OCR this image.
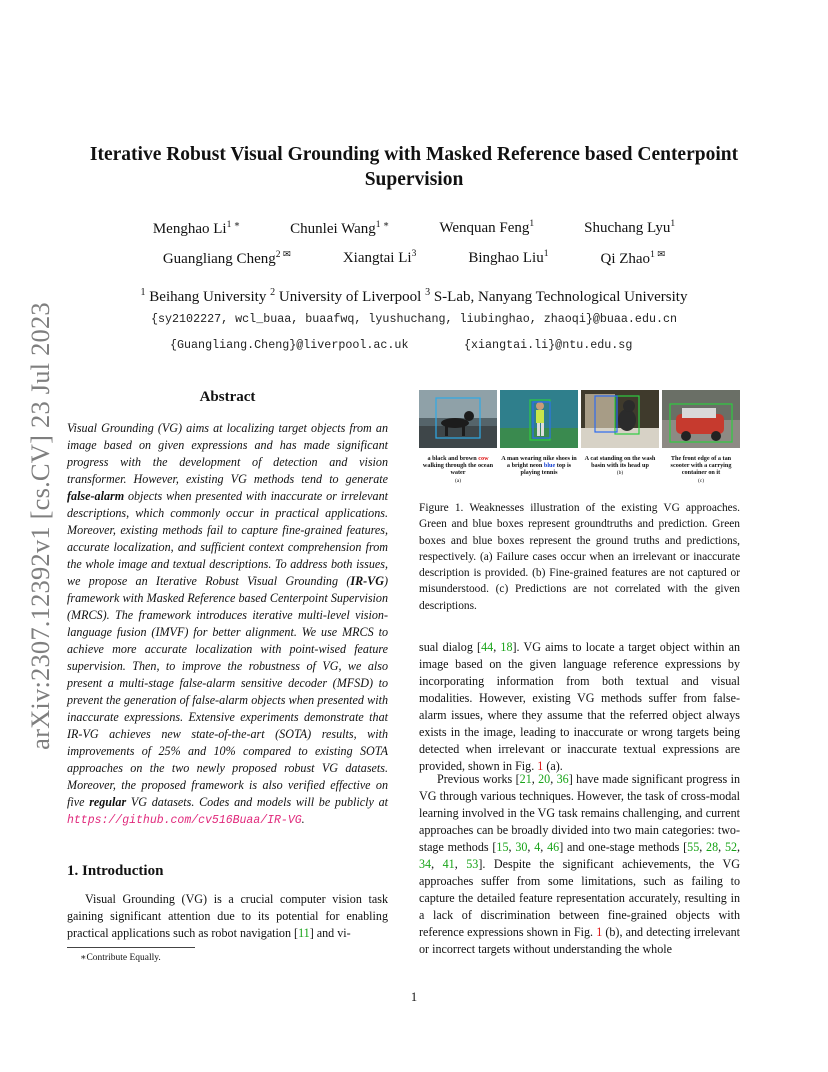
arXiv:2307.12392v1 [cs.CV] 23 Jul 2023
Iterative Robust Visual Grounding with Masked Reference based Centerpoint Supervision
Menghao $Li^{1 ∗}$	Chunlei Wang$^{1 ∗}$	Wenquan Feng$^1$	Shuchang Lyu$^1$
Guangliang Cheng$^{2 ✉}$	Xiangtai Li$^3$	Binghao Liu$^1$	Qi Zhao$^{1 ✉}$
$^1$ Beihang University $^2$ University of Liverpool $^3$ S-Lab, Nanyang Technological University
{sy2102227, wcl_buaa, buaafwq, lyushuchang, liubinghao, zhaoqi}@buaa.edu.cn
{Guangliang.Cheng}@liverpool.ac.uk	{xiangtai.li}@ntu.edu.sg
Abstract
Visual Grounding (VG) aims at localizing target objects from an image based on given expressions and has made significant progress with the development of detection and vision transformer. However, existing VG methods tend to generate false-alarm objects when presented with inaccurate or irrelevant descriptions, which commonly occur in practical applications. Moreover, existing methods fail to capture fine-grained features, accurate localization, and sufficient context comprehension from the whole image and textual descriptions. To address both issues, we propose an Iterative Robust Visual Grounding (IR-VG) framework with Masked Reference based Centerpoint Supervision (MRCS). The framework introduces iterative multi-level vision-language fusion (IMVF) for better alignment. We use MRCS to achieve more accurate localization with point-wised feature supervision. Then, to improve the robustness of VG, we also present a multi-stage false-alarm sensitive decoder (MFSD) to prevent the generation of false-alarm objects when presented with inaccurate expressions. Extensive experiments demonstrate that IR-VG achieves new state-of-the-art (SOTA) results, with improvements of 25% and 10% compared to existing SOTA approaches on the two newly proposed robust VG datasets. Moreover, the proposed framework is also verified effective on five regular VG datasets. Codes and models will be publicly at https://github.com/cv516Buaa/IR-VG.
1. Introduction
Visual Grounding (VG) is a crucial computer vision task gaining significant attention due to its potential for enabling practical applications such as robot navigation [11] and vi-
∗Contribute Equally.
1
a black and brown cow walking through the ocean water
(a)
A man wearing nike shoes in a bright neon blue top is playing tennis
A cat standing on the wash basin with its head up
(b)
The front edge of a tan scooter with a carrying container on it
(c)
Figure 1. Weaknesses illustration of the existing VG approaches. Green and blue boxes represent groundtruths and prediction. Green boxes and blue boxes represent the ground truths and predictions, respectively. (a) Failure cases occur when an irrelevant or inaccurate description is provided. (b) Fine-grained features are not captured or misunderstood. (c) Predictions are not correlated with the given descriptions.
sual dialog [44, 18]. VG aims to locate a target object within an image based on the given language reference expressions by incorporating information from both textual and visual modalities. However, existing VG methods suffer from false-alarm issues, where they assume that the referred object always exists in the image, leading to inaccurate or wrong targets being detected when irrelevant or inaccurate textual expressions are provided, shown in Fig. 1 (a).
Previous works [21, 20, 36] have made significant progress in VG through various techniques. However, the task of cross-modal learning involved in the VG task remains challenging, and current approaches can be broadly divided into two main categories: two-stage methods [15, 30, 4, 46] and one-stage methods [55, 28, 52, 34, 41, 53]. Despite the significant achievements, the VG approaches suffer from some limitations, such as failing to capture the detailed feature representation accurately, resulting in a lack of discrimination between fine-grained objects with reference expressions shown in Fig. 1 (b), and detecting irrelevant or incorrect targets without understanding the whole
